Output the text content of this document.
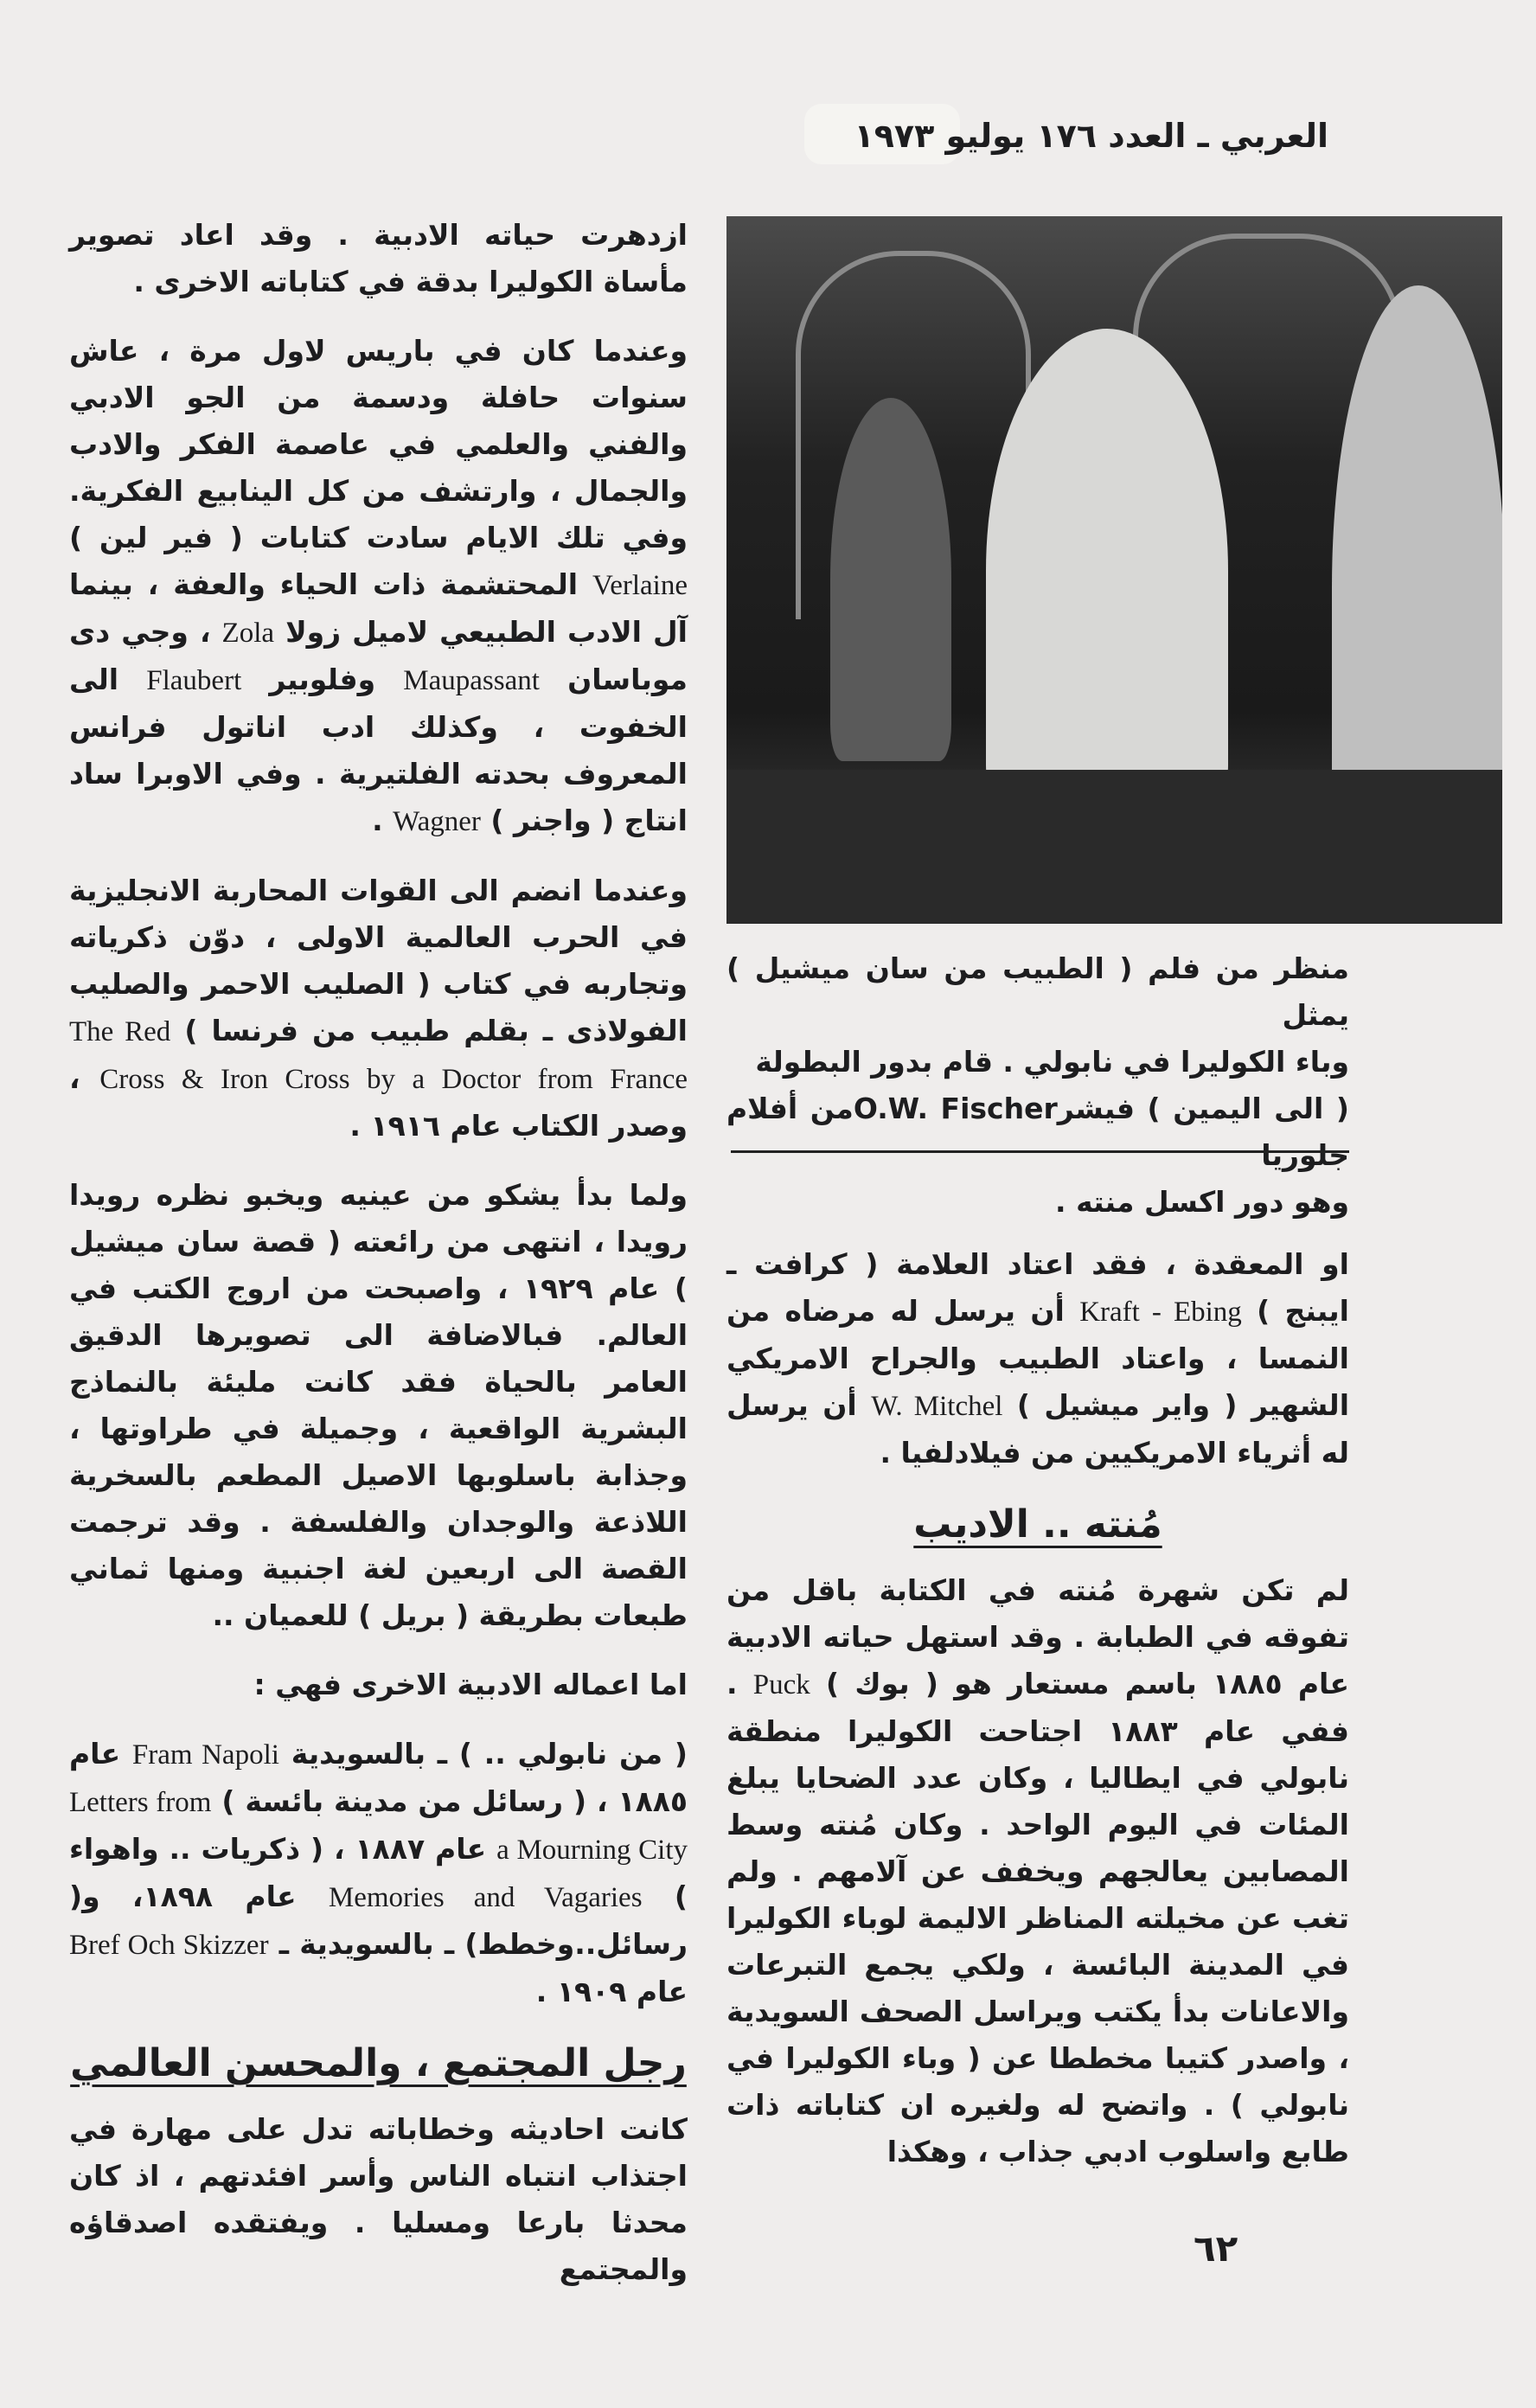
العربي ـ العدد ١٧٦ يوليو ١٩٧٣

منظر من فلم ( الطبيب من سان ميشيل ) يمثل

وباء الكوليرا في نابولي . قام بدور البطولة

( الى اليمين ) فيشرO.W. Fischerمن أفلام جلوريا

وهو دور اكسل منته .

ازدهرت حياته الادبية . وقد اعاد تصوير مأساة الكوليرا بدقة في كتاباته الاخرى .

وعندما كان في باريس لاول مرة ، عاش سنوات حافلة ودسمة من الجو الادبي والفني والعلمي في عاصمة الفكر والادب والجمال ، وارتشف من كل الينابيع الفكرية. وفي تلك الايام سادت كتابات ( فير لين ) Verlaine المحتشمة ذات الحياء والعفة ، بينما آل الادب الطبيعي لاميل زولا Zola ، وجي دى موباسان Maupassant وفلوبير Flaubert الى الخفوت ، وكذلك ادب اناتول فرانس المعروف بحدته الفلتيرية . وفي الاوبرا ساد انتاج ( واجنر ) Wagner .

وعندما انضم الى القوات المحاربة الانجليزية في الحرب العالمية الاولى ، دوّن ذكرياته وتجاربه في كتاب ( الصليب الاحمر والصليب الفولاذى ـ بقلم طبيب من فرنسا ) The Red Cross & Iron Cross by a Doctor from France ، وصدر الكتاب عام ١٩١٦ .

ولما بدأ يشكو من عينيه ويخبو نظره رويدا رويدا ، انتهى من رائعته ( قصة سان ميشيل ) عام ١٩٢٩ ، واصبحت من اروج الكتب في العالم. فبالاضافة الى تصويرها الدقيق العامر بالحياة فقد كانت مليئة بالنماذج البشرية الواقعية ، وجميلة في طراوتها ، وجذابة باسلوبها الاصيل المطعم بالسخرية اللاذعة والوجدان والفلسفة . وقد ترجمت القصة الى اربعين لغة اجنبية ومنها ثماني طبعات بطريقة ( بريل ) للعميان ..

اما اعماله الادبية الاخرى فهي :

( من نابولي .. ) ـ بالسويدية Fram Napoli عام ١٨٨٥ ، ( رسائل من مدينة بائسة ) Letters from a Mourning City عام ١٨٨٧ ، ( ذكريات .. واهواء ) Memories and Vagaries عام ١٨٩٨، و( رسائل..وخطط) ـ بالسويدية ـ Bref Och Skizzer عام ١٩٠٩ .

رجل المجتمع ، والمحسن العالمي

كانت احاديثه وخطاباته تدل على مهارة في اجتذاب انتباه الناس وأسر افئدتهم ، اذ كان محدثا بارعا ومسليا . ويفتقده اصدقاؤه والمجتمع

او المعقدة ، فقد اعتاد العلامة ( كرافت ـ ايبنج ) Kraft - Ebing أن يرسل له مرضاه من النمسا ، واعتاد الطبيب والجراح الامريكي الشهير ( واير ميشيل ) W. Mitchel أن يرسل له أثرياء الامريكيين من فيلادلفيا .

مُنته .. الاديب

لم تكن شهرة مُنته في الكتابة باقل من تفوقه في الطبابة . وقد استهل حياته الادبية عام ١٨٨٥ باسم مستعار هو ( بوك ) Puck . ففي عام ١٨٨٣ اجتاحت الكوليرا منطقة نابولي في ايطاليا ، وكان عدد الضحايا يبلغ المئات في اليوم الواحد . وكان مُنته وسط المصابين يعالجهم ويخفف عن آلامهم . ولم تغب عن مخيلته المناظر الاليمة لوباء الكوليرا في المدينة البائسة ، ولكي يجمع التبرعات والاعانات بدأ يكتب ويراسل الصحف السويدية ، واصدر كتيبا مخططا عن ( وباء الكوليرا في نابولي ) . واتضح له ولغيره ان كتاباته ذات طابع واسلوب ادبي جذاب ، وهكذا

٦٢
